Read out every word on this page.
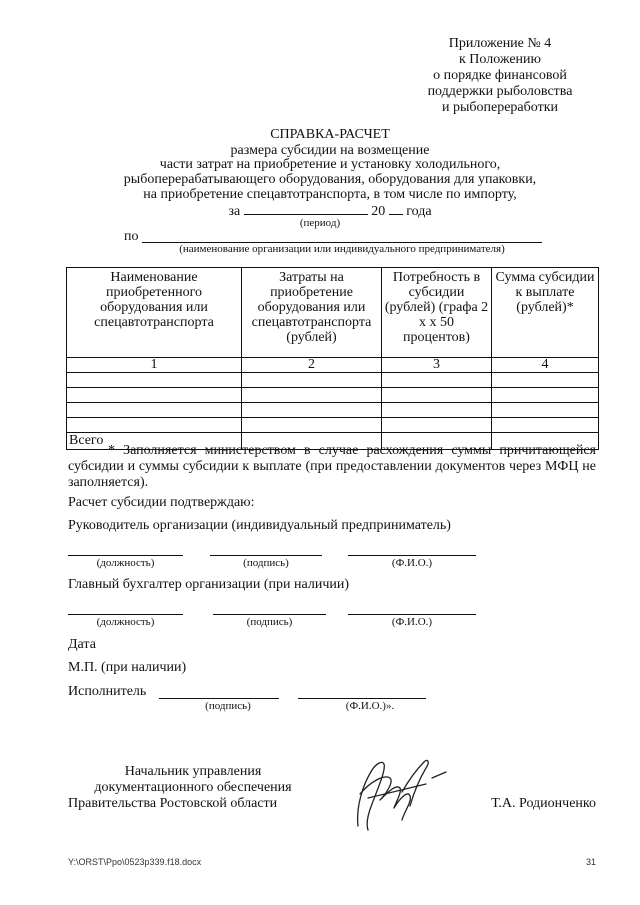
Приложение № 4
к Положению
о порядке финансовой
поддержки рыболовства
и рыбопереработки
СПРАВКА-РАСЧЕТ
размера субсидии на возмещение
части затрат на приобретение и установку холодильного,
рыбоперерабатывающего оборудования, оборудования для упаковки,
на приобретение спецавтотранспорта, в том числе по импорту,
за	20 года
(период)
по
(наименование организации или индивидуального предпринимателя)
Наименование приобретенного оборудования или спецавтотранспорта	Затраты на приобретение оборудования или спецавтотранспорта (рублей)	Потребность в субсидии (рублей) (графа 2 х х 50 процентов)	Сумма субсидии к выплате (рублей)*
1	2	3	4

Всего			

* Заполняется министерством в случае расхождения суммы причитающейся субсидии и суммы субсидии к выплате (при предоставлении документов через МФЦ не заполняется).

Расчет субсидии подтверждаю:
Руководитель организации (индивидуальный предприниматель)
(должность)	(подпись)	(Ф.И.О.)
Главный бухгалтер организации (при наличии)
(должность)	(подпись)	(Ф.И.О.)
Дата
М.П. (при наличии)
Исполнитель
(подпись)	(Ф.И.О.)».
Начальник управления
документационного обеспечения
Правительства Ростовской области	Т.А. Родионченко
Y:\ORST\Ppo\0523p339.f18.docx	31
